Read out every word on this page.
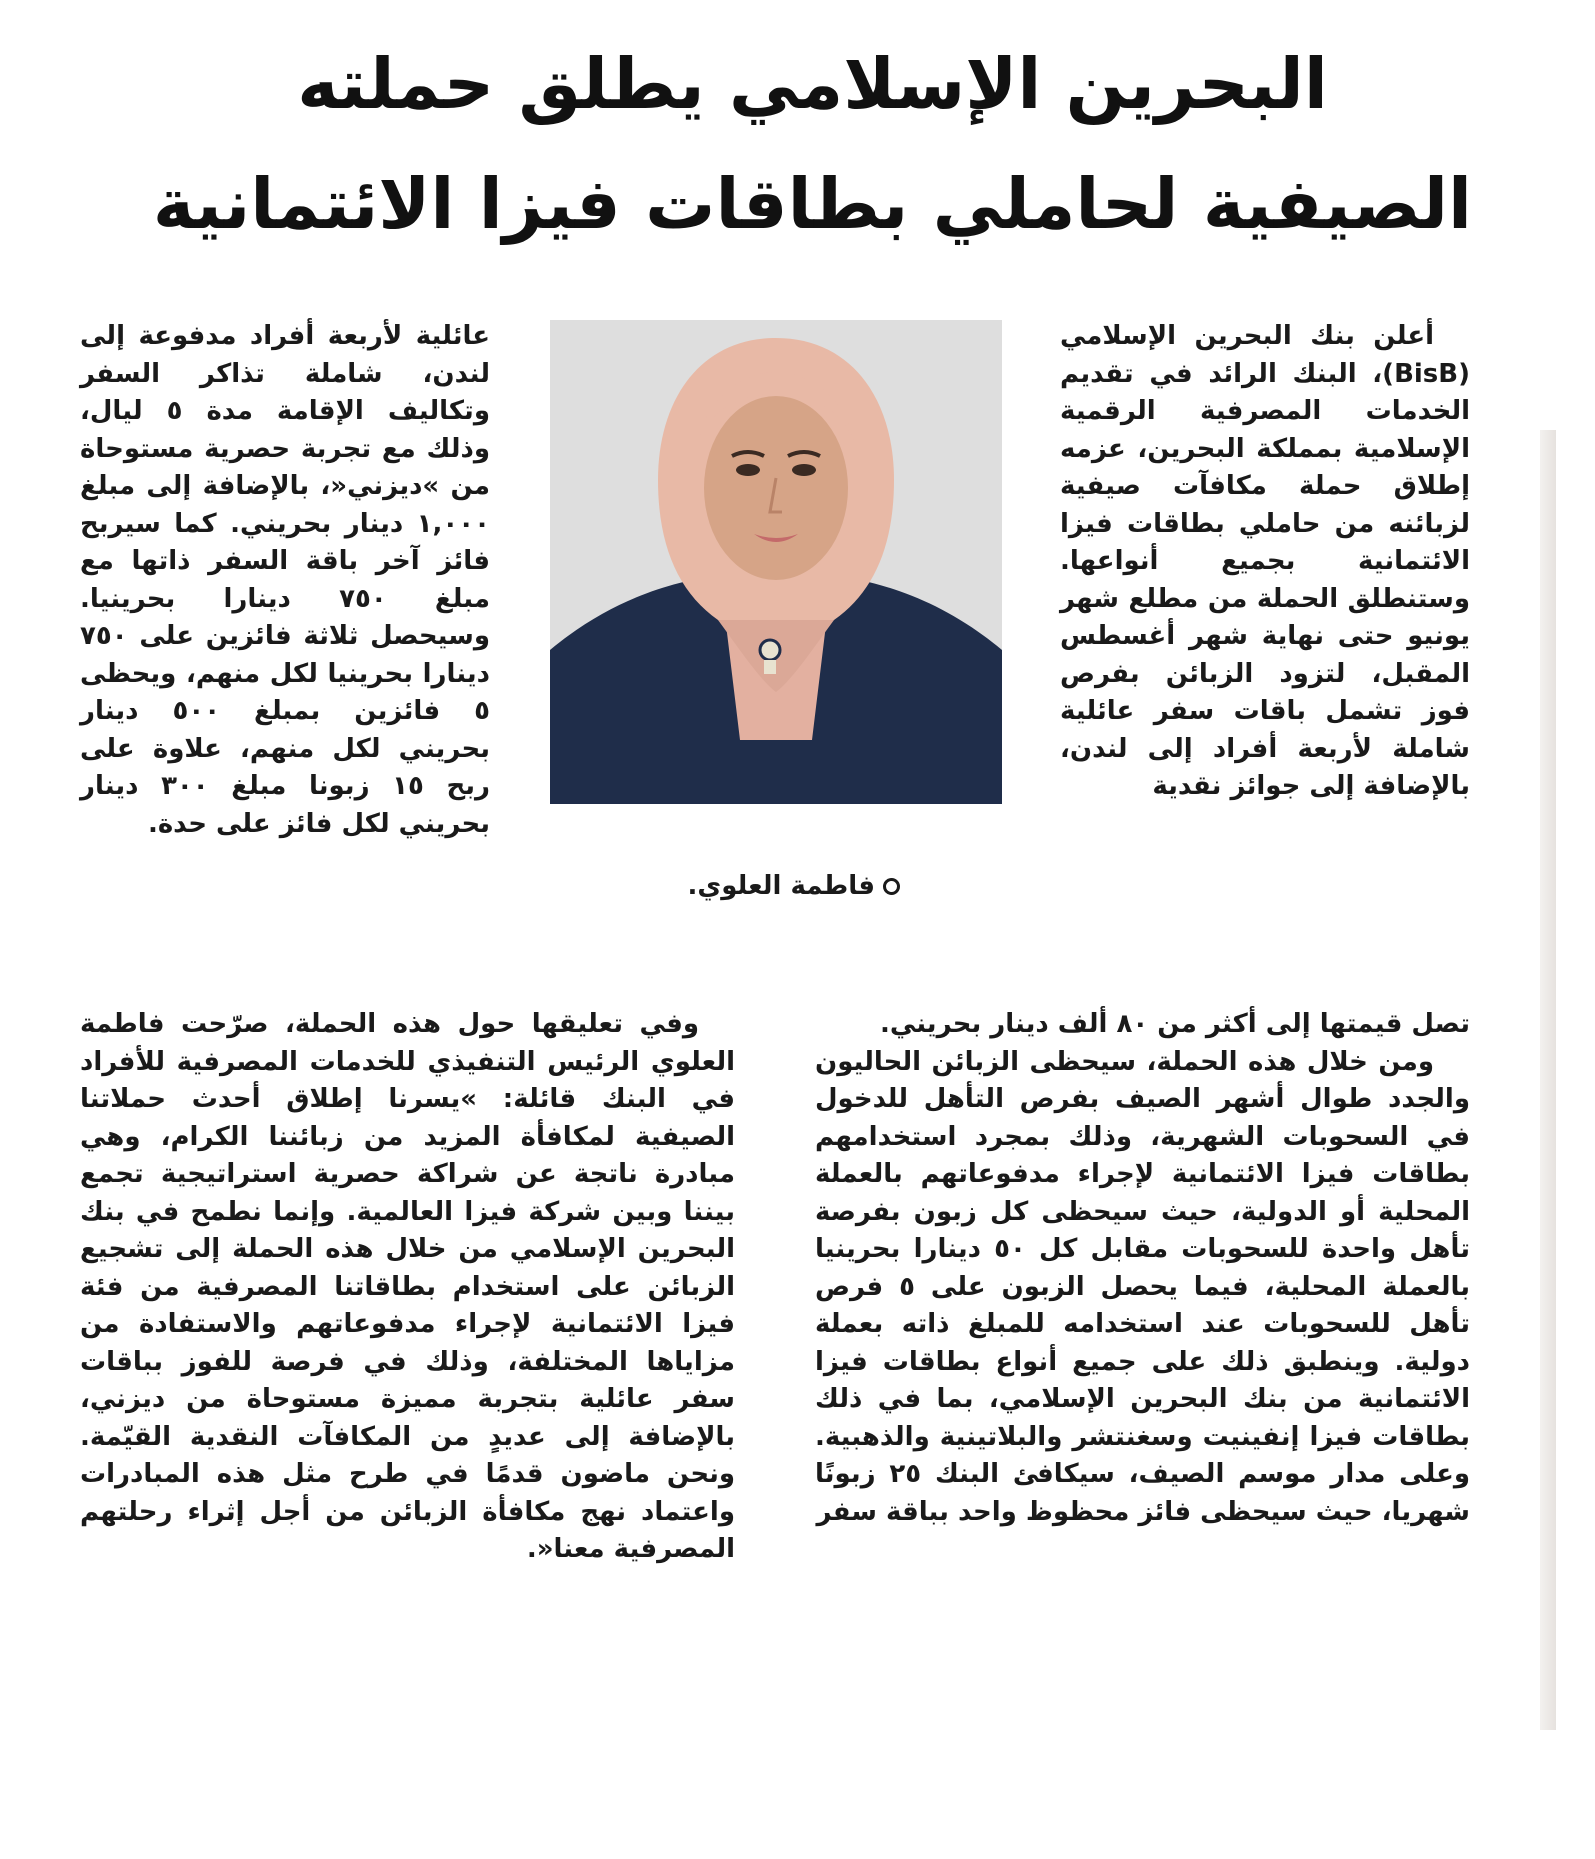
البحرين الإسلامي يطلق حملته
الصيفية لحاملي بطاقات فيزا الائتمانية

أعلن بنك البحرين الإسلامي (BisB)، البنك الرائد في تقديم الخدمات المصرفية الرقمية الإسلامية بمملكة البحرين، عزمه إطلاق حملة مكافآت صيفية لزبائنه من حاملي بطاقات فيزا الائتمانية بجميع أنواعها. وستنطلق الحملة من مطلع شهر يونيو حتى نهاية شهر أغسطس المقبل، لتزود الزبائن بفرص فوز تشمل باقات سفر عائلية شاملة لأربعة أفراد إلى لندن، بالإضافة إلى جوائز نقدية

تصل قيمتها إلى أكثر من ٨٠ ألف دينار بحريني.

ومن خلال هذه الحملة، سيحظى الزبائن الحاليون والجدد طوال أشهر الصيف بفرص التأهل للدخول في السحوبات الشهرية، وذلك بمجرد استخدامهم بطاقات فيزا الائتمانية لإجراء مدفوعاتهم بالعملة المحلية أو الدولية، حيث سيحظى كل زبون بفرصة تأهل واحدة للسحوبات مقابل كل ٥٠ دينارا بحرينيا بالعملة المحلية، فيما يحصل الزبون على ٥ فرص تأهل للسحوبات عند استخدامه للمبلغ ذاته بعملة دولية. وينطبق ذلك على جميع أنواع بطاقات فيزا الائتمانية من بنك البحرين الإسلامي، بما في ذلك بطاقات فيزا إنفينيت وسغنتشر والبلاتينية والذهبية. وعلى مدار موسم الصيف، سيكافئ البنك ٢٥ زبونًا شهريا، حيث سيحظى فائز محظوظ واحد بباقة سفر

فاطمة العلوي.

عائلية لأربعة أفراد مدفوعة إلى لندن، شاملة تذاكر السفر وتكاليف الإقامة مدة ٥ ليال، وذلك مع تجربة حصرية مستوحاة من »ديزني«، بالإضافة إلى مبلغ ١,٠٠٠ دينار بحريني. كما سيربح فائز آخر باقة السفر ذاتها مع مبلغ ٧٥٠ دينارا بحرينيا. وسيحصل ثلاثة فائزين على ٧٥٠ دينارا بحرينيا لكل منهم، ويحظى ٥ فائزين بمبلغ ٥٠٠ دينار بحريني لكل منهم، علاوة على ربح ١٥ زبونا مبلغ ٣٠٠ دينار بحريني لكل فائز على حدة.

وفي تعليقها حول هذه الحملة، صرّحت فاطمة العلوي الرئيس التنفيذي للخدمات المصرفية للأفراد في البنك قائلة: »يسرنا إطلاق أحدث حملاتنا الصيفية لمكافأة المزيد من زبائننا الكرام، وهي مبادرة ناتجة عن شراكة حصرية استراتيجية تجمع بيننا وبين شركة فيزا العالمية. وإنما نطمح في بنك البحرين الإسلامي من خلال هذه الحملة إلى تشجيع الزبائن على استخدام بطاقاتنا المصرفية من فئة فيزا الائتمانية لإجراء مدفوعاتهم والاستفادة من مزاياها المختلفة، وذلك في فرصة للفوز بباقات سفر عائلية بتجربة مميزة مستوحاة من ديزني، بالإضافة إلى عديدٍ من المكافآت النقدية القيّمة. ونحن ماضون قدمًا في طرح مثل هذه المبادرات واعتماد نهج مكافأة الزبائن من أجل إثراء رحلتهم المصرفية معنا«.
